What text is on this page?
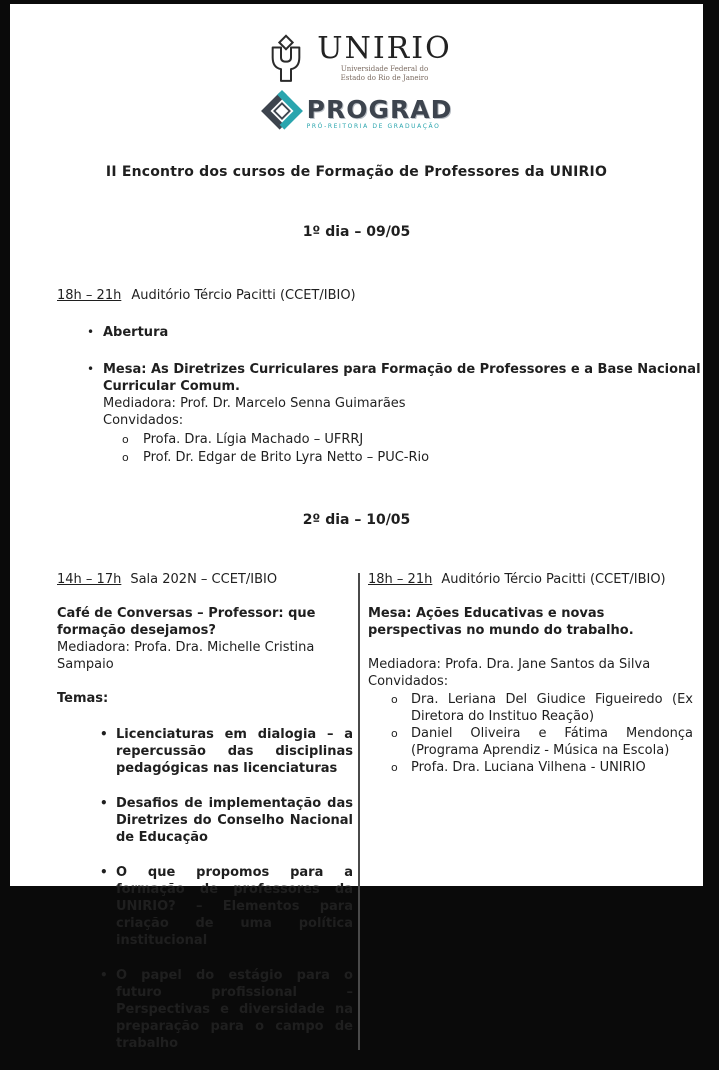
UNIRIO
Universidade Federal do
Estado do Rio de Janeiro
PROGRAD
PRÓ-REITORIA DE GRADUAÇÃO
II Encontro dos cursos de Formação de Professores da UNIRIO
1º dia – 09/05

18h – 21h Auditório Tércio Pacitti (CCET/IBIO)

• Abertura
• Mesa: As Diretrizes Curriculares para Formação de Professores e a Base Nacional Curricular Comum.
Mediadora: Prof. Dr. Marcelo Senna Guimarães
Convidados:
o Profa. Dra. Lígia Machado – UFRRJ
o Prof. Dr. Edgar de Brito Lyra Netto – PUC-Rio
2º dia – 10/05

14h – 17h Sala 202N – CCET/IBIO

Café de Conversas – Professor: que formação desejamos?
Mediadora: Profa. Dra. Michelle Cristina Sampaio
Temas:
• Licenciaturas em dialogia – a repercussão das disciplinas pedagógicas nas licenciaturas
• Desafios de implementação das Diretrizes do Conselho Nacional de Educação
• O que propomos para a formação de professores da UNIRIO? – Elementos para criação de uma política institucional
• O papel do estágio para o futuro profissional – Perspectivas e diversidade na preparação para o campo de trabalho

18h – 21h Auditório Tércio Pacitti (CCET/IBIO)

Mesa: Ações Educativas e novas perspectivas no mundo do trabalho.
Mediadora: Profa. Dra. Jane Santos da Silva
Convidados:
o Dra. Leriana Del Giudice Figueiredo (Ex Diretora do Instituo Reação)
o Daniel Oliveira e Fátima Mendonça (Programa Aprendiz - Música na Escola)
o Profa. Dra. Luciana Vilhena - UNIRIO
